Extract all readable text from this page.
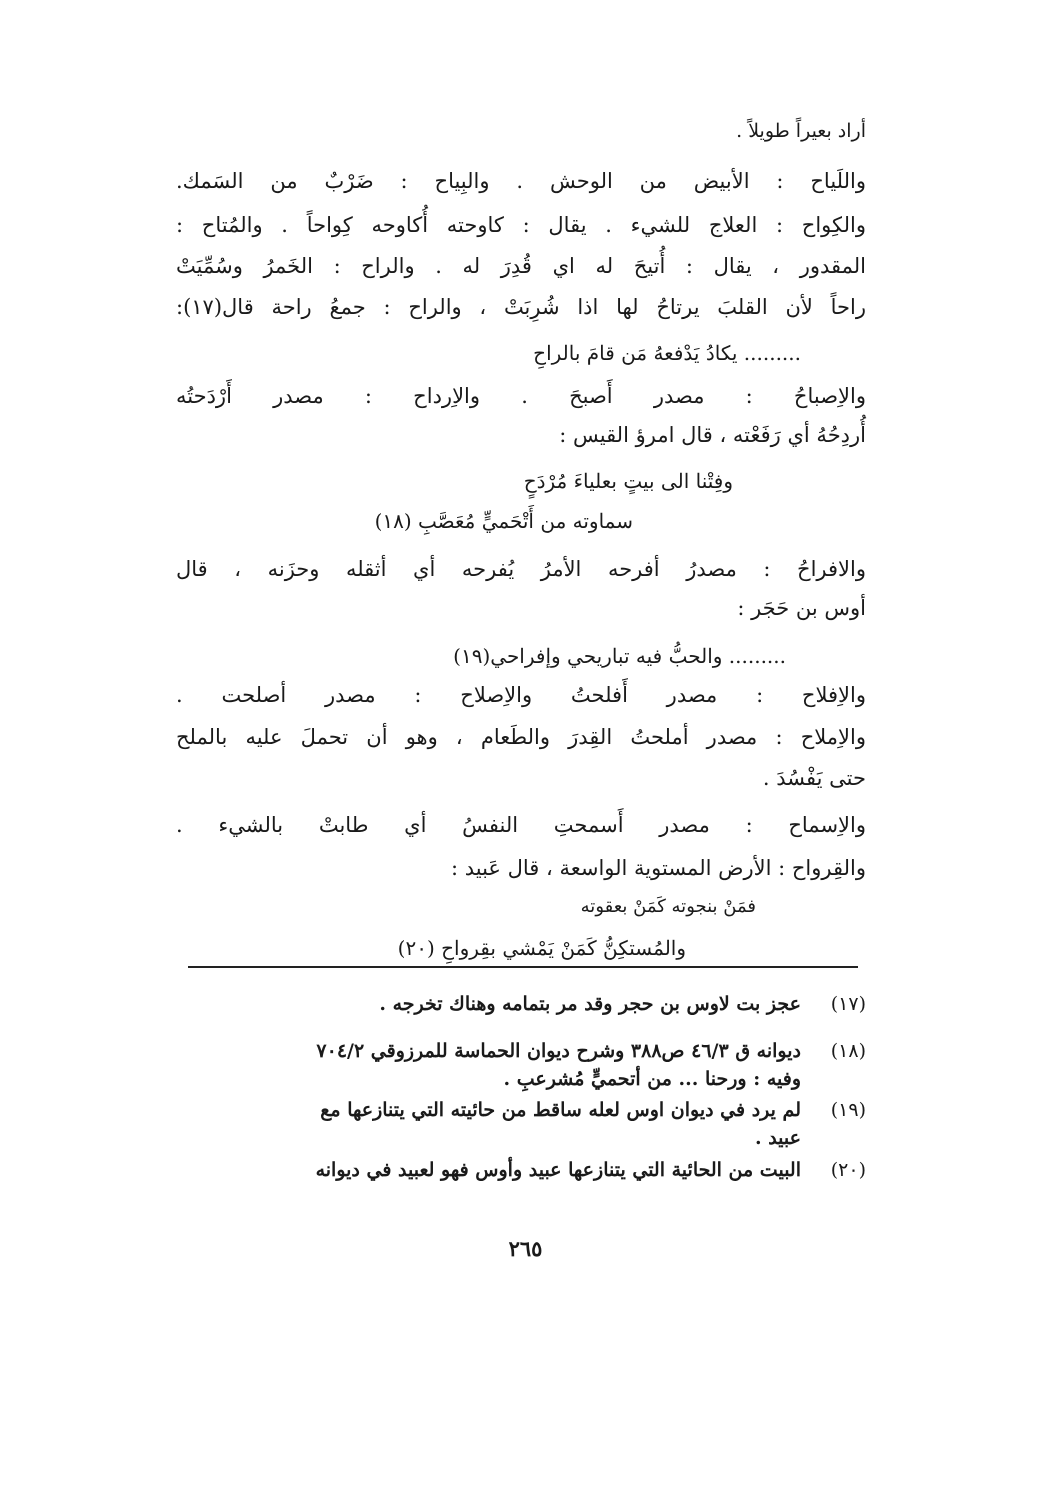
أراد بعيراً طويلاً .
واللَياح : الأبيض من الوحش . والبِياح : ضَرْبٌ من السَمك.
والكِواح : العلاج للشيء . يقال : كاوحته أُكاوحه كِواحاً . والمُتاح :
المقدور ، يقال : أُتيحَ له اي قُدِرَ له . والراح : الخَمرُ وسُمِّيَتْ
راحاً لأن القلبَ يرتاحُ لها اذا شُرِبَتْ ، والراح : جمعُ راحة قال(١٧):
......... يكادُ يَدْفعهُ مَن قامَ بالراحِ
والاِصباحُ : مصدر أَصبحَ . والاِرداح : مصدر أَرْدَحتُه
أُردِحُهُ أي رَفَعْته ، قال امرؤ القيس :
وفِتْنا الى بيتٍ بعلياءَ مُرْدَحٍ
سماوته من أَتْحَميٍّ مُعَصَّبِ (١٨)
والافراحُ : مصدرُ أفرحه الأمرُ يُفرحه أي أثقله وحزَنه ، قال
أوس بن حَجَر :
......... والحبُّ فيه تباريحي وإفراحي(١٩)
والاِفلاح : مصدر أَفلحتُ والاِصلاح : مصدر أصلحت .
والاِملاح : مصدر أملحتُ القِدرَ والطَعام ، وهو أن تحملَ عليه بالملح
حتى يَفْسُدَ .
والاِسماح : مصدر أَسمحتِ النفسُ أي طابتْ بالشيء .
والقِرواح : الأرض المستوية الواسعة ، قال عَبيد :
فمَنْ بنجوته كَمَنْ بعقوته
والمُستكِنُّ كَمَنْ يَمْشي بقِرواحِ (٢٠)
(١٧)
عجز بت لاوس بن حجر وقد مر بتمامه وهناك تخرجه .
(١٨)
ديوانه ق ٤٦/٣ ص٣٨٨ وشرح ديوان الحماسة للمرزوقي ٧٠٤/٢
وفيه : ورحنا ... من أتحميٍّ مُشرعبِ .
(١٩)
لم يرد في ديوان اوس لعله ساقط من حائيته التي يتنازعها مع
عبيد .
(٢٠)
البيت من الحائية التي يتنازعها عبيد وأوس فهو لعبيد في ديوانه
٢٦٥
